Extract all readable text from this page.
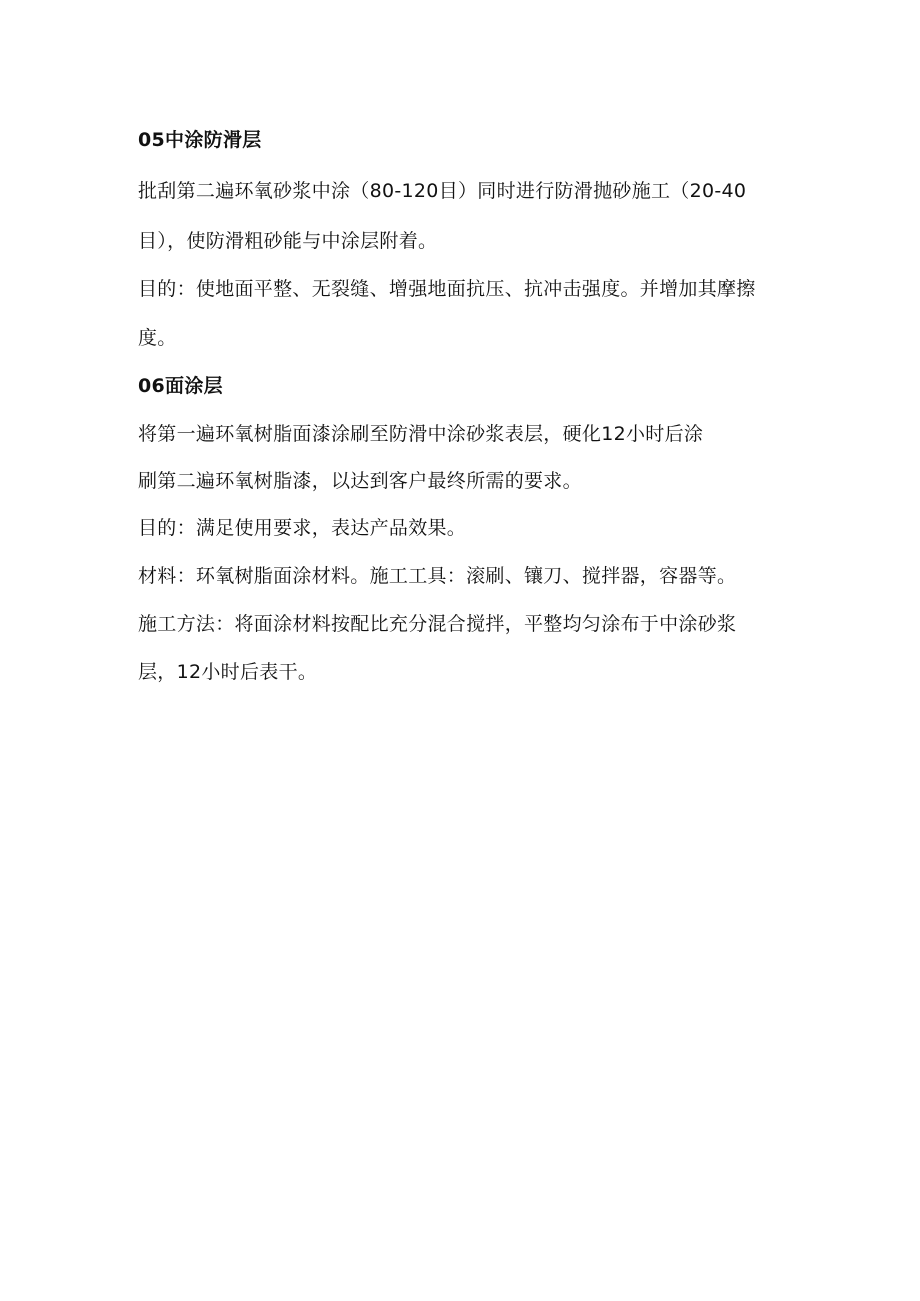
05中涂防滑层
批刮第二遍环氧砂浆中涂（80-120目）同时进行防滑抛砂施工（20-40
目），使防滑粗砂能与中涂层附着。
目的：使地面平整、无裂缝、增强地面抗压、抗冲击强度。并增加其摩擦
度。
06面涂层
将第一遍环氧树脂面漆涂刷至防滑中涂砂浆表层，硬化12小时后涂
刷第二遍环氧树脂漆，以达到客户最终所需的要求。
目的：满足使用要求，表达产品效果。
材料：环氧树脂面涂材料。施工工具：滚刷、镶刀、搅拌器，容器等。
施工方法：将面涂材料按配比充分混合搅拌，平整均匀涂布于中涂砂浆
层，12小时后表干。
